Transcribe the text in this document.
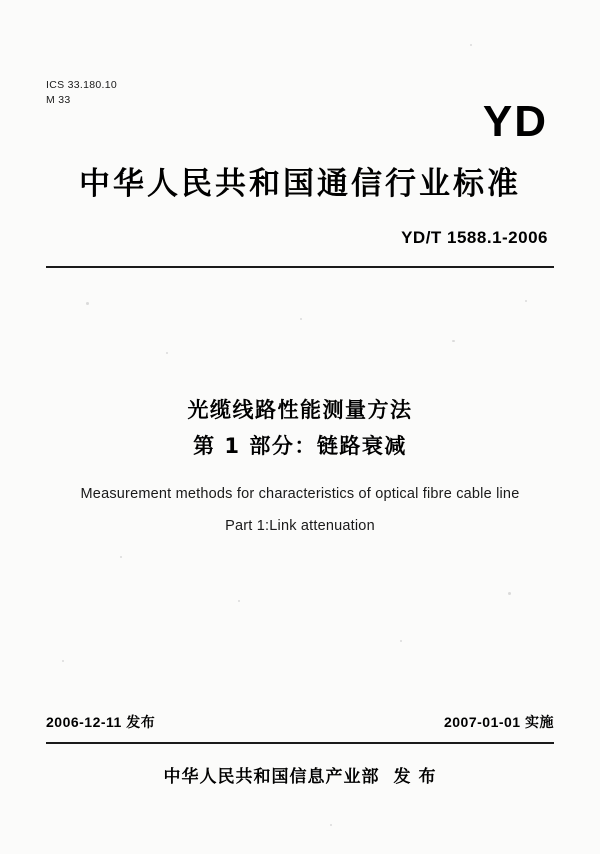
ICS 33.180.10
M 33	YD
中华人民共和国通信行业标准
YD/T 1588.1-2006
光缆线路性能测量方法
第 1 部分：链路衰减
Measurement methods for characteristics of optical fibre cable line
Part 1:Link attenuation
2006-12-11 发布	2007-01-01 实施
中华人民共和国信息产业部 发 布
